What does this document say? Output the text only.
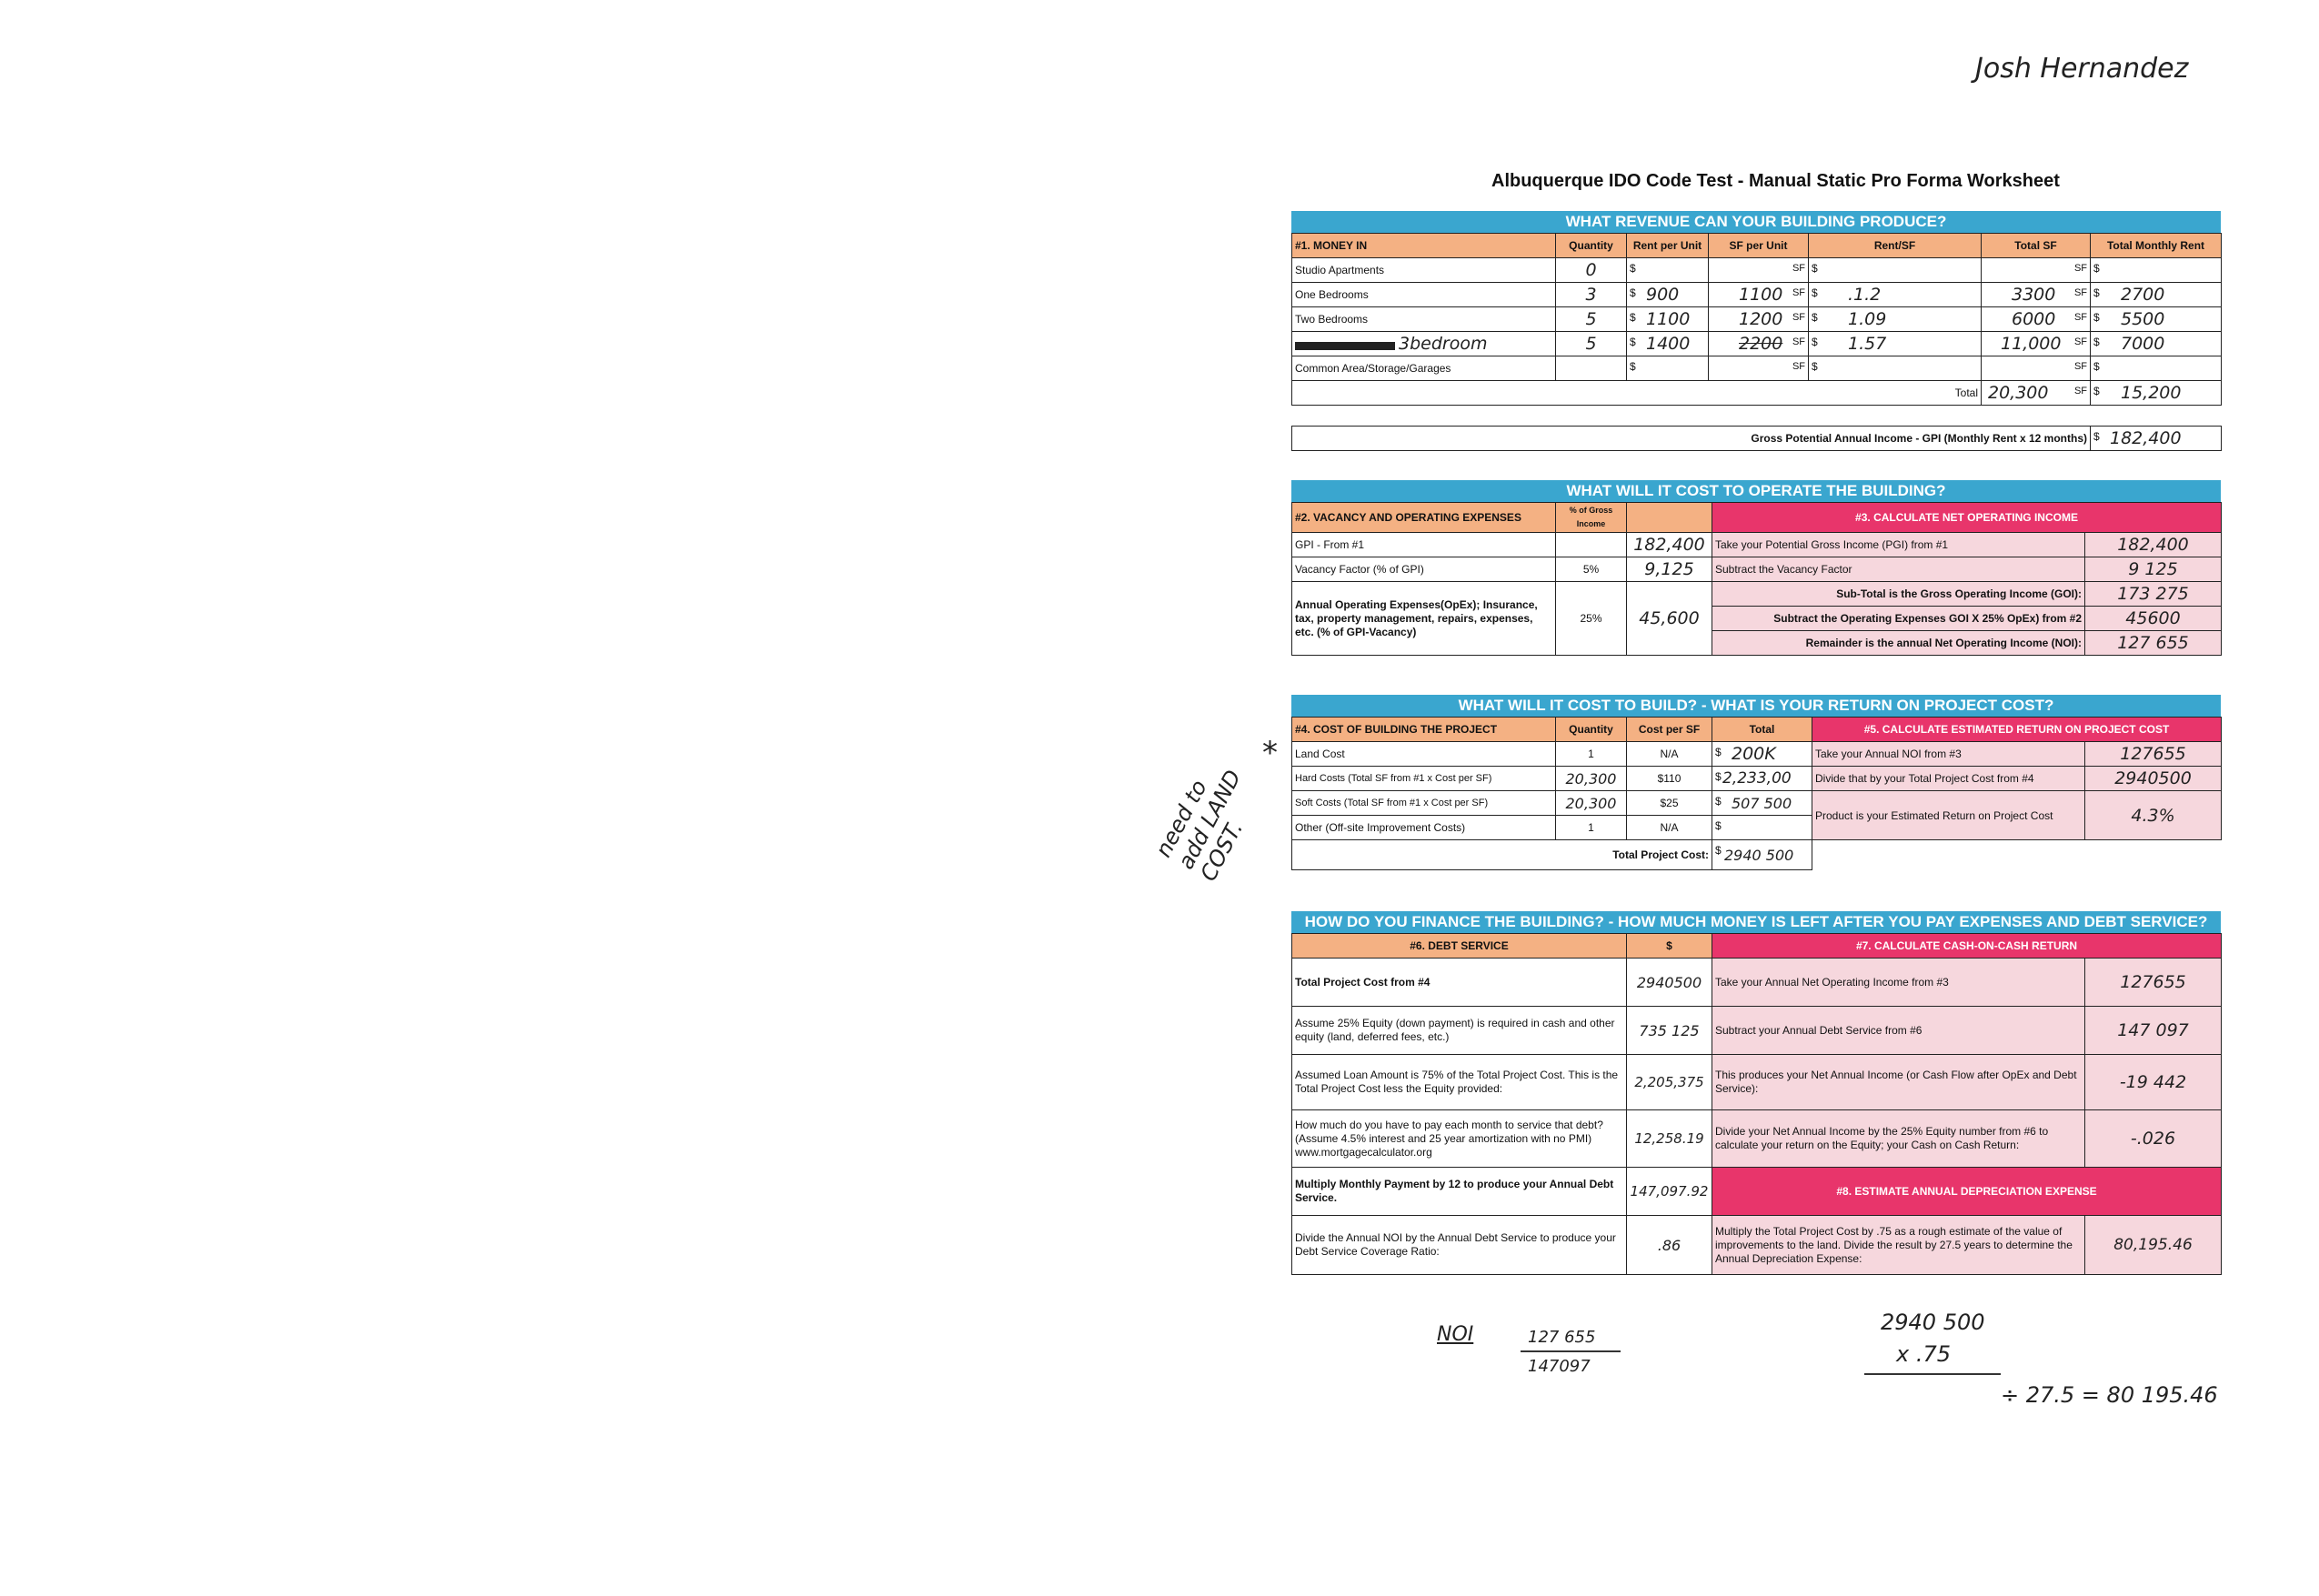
Josh Hernandez
Albuquerque IDO Code Test - Manual Static Pro Forma Worksheet
WHAT REVENUE CAN YOUR BUILDING PRODUCE?
#1. MONEY IN	Quantity	Rent per Unit	SF per Unit	Rent/SF	Total SF	Total Monthly Rent
Studio Apartments	0	$	SF	$	SF	$

One Bedrooms	3	$ 900	1100 SF	$ .1.2	3300 SF	$ 2700
Two Bedrooms	5	$ 1100	1200 SF	$ 1.09	6000 SF	$ 5500
3bedroom	5	$ 1400	2200 SF	$ 1.57	11,000 SF	$ 7000
Common Area/Storage/Garages		$	SF	$	SF	$

Total					20,300 SF	$ 15,200
Gross Potential Annual Income - GPI (Monthly Rent x 12 months)	$ 182,400
WHAT WILL IT COST TO OPERATE THE BUILDING?
#2. VACANCY AND OPERATING EXPENSES	% of Gross Income		#3. CALCULATE NET OPERATING INCOME	
GPI - From #1		182,400	Take your Potential Gross Income (PGI) from #1	182,400
Vacancy Factor (% of GPI)	5%	9,125	Subtract the Vacancy Factor	9 125
Annual Operating Expenses(OpEx); Insurance, tax, property management, repairs, expenses, etc. (% of GPI-Vacancy)	25%	45,600	Sub-Total is the Gross Operating Income (GOI):	173 275
			Subtract the Operating Expenses GOI X 25% OpEx) from #2	45600
			Remainder is the annual Net Operating Income (NOI):	127 655
WHAT WILL IT COST TO BUILD? - WHAT IS YOUR RETURN ON PROJECT COST?
#4. COST OF BUILDING THE PROJECT	Quantity	Cost per SF	Total	#5. CALCULATE ESTIMATED RETURN ON PROJECT COST	
Land Cost	1	N/A	$ 200K	Take your Annual NOI from #3	127655
Hard Costs (Total SF from #1 x Cost per SF)	20,300	$110	$ 2,233,00	Divide that by your Total Project Cost from #4	2940500
Soft Costs (Total SF from #1 x Cost per SF)	20,300	$25	$ 507 500	Product is your Estimated Return on Project Cost	4.3%
Other (Off-site Improvement Costs)	1	N/A	$		

Total Project Cost:			$ 2940 500		
HOW DO YOU FINANCE THE BUILDING? - HOW MUCH MONEY IS LEFT AFTER YOU PAY EXPENSES AND DEBT SERVICE?
#6. DEBT SERVICE	$	#7. CALCULATE CASH-ON-CASH RETURN	
Total Project Cost from #4	2940500	Take your Annual Net Operating Income from #3	127655
Assume 25% Equity (down payment) is required in cash and other equity (land, deferred fees, etc.)	735 125	Subtract your Annual Debt Service from #6	147 097
Assumed Loan Amount is 75% of the Total Project Cost. This is the Total Project Cost less the Equity provided:	2,205,375	This produces your Net Annual Income (or Cash Flow after OpEx and Debt Service):	-19 442
How much do you have to pay each month to service that debt? (Assume 4.5% interest and 25 year amortization with no PMI) www.mortgagecalculator.org	12,258.19	Divide your Net Annual Income by the 25% Equity number from #6 to calculate your return on the Equity; your Cash on Cash Return:	-.026
Multiply Monthly Payment by 12 to produce your Annual Debt Service.	147,097.92	#8. ESTIMATE ANNUAL DEPRECIATION EXPENSE	
Divide the Annual NOI by the Annual Debt Service to produce your Debt Service Coverage Ratio:	.86	Multiply the Total Project Cost by .75 as a rough estimate of the value of improvements to the land. Divide the result by 27.5 years to determine the Annual Depreciation Expense:	80,195.46
need to add LAND COST.
*
NOI	127 655
147097
2940 500
x .75
÷ 27.5 = 80 195.46
